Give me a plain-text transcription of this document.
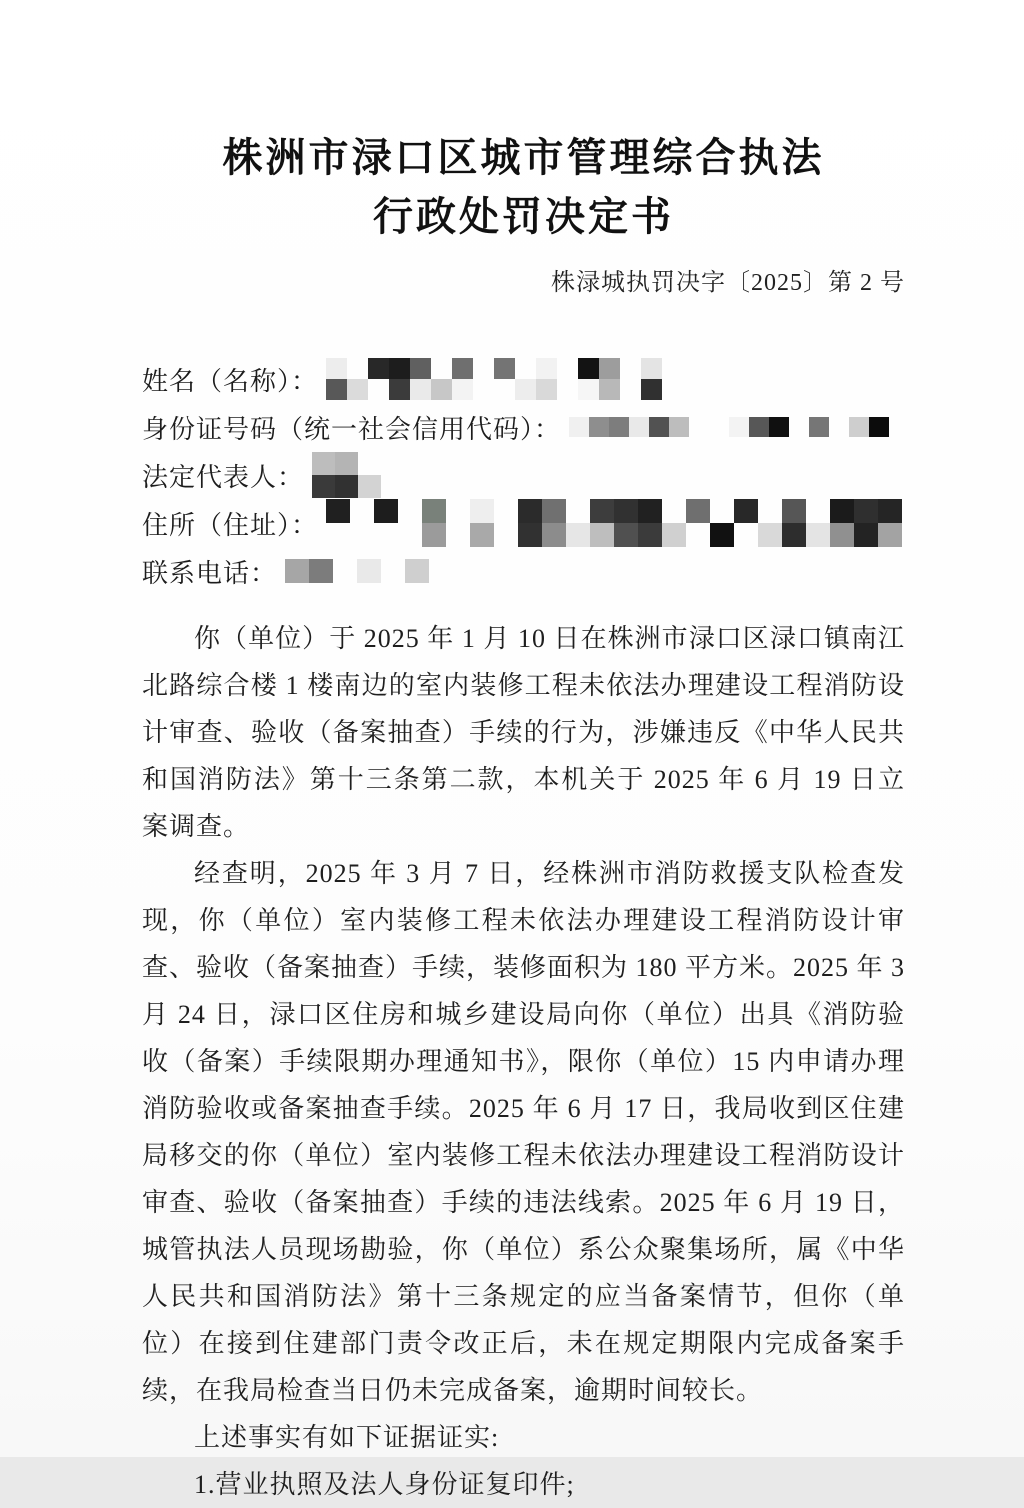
株洲市渌口区城市管理综合执法
行政处罚决定书
株渌城执罚决字〔2025〕第 2 号
姓名（名称）：
身份证号码（统一社会信用代码）：
法定代表人：
住所（住址）：
联系电话：

你（单位）于 2025 年 1 月 10 日在株洲市渌口区渌口镇南江北路综合楼 1 楼南边的室内装修工程未依法办理建设工程消防设计审查、验收（备案抽查）手续的行为，涉嫌违反《中华人民共和国消防法》第十三条第二款，本机关于 2025 年 6 月 19 日立案调查。

经查明，2025 年 3 月 7 日，经株洲市消防救援支队检查发现，你（单位）室内装修工程未依法办理建设工程消防设计审查、验收（备案抽查）手续，装修面积为 180 平方米。2025 年 3 月 24 日，渌口区住房和城乡建设局向你（单位）出具《消防验收（备案）手续限期办理通知书》，限你（单位）15 内申请办理消防验收或备案抽查手续。2025 年 6 月 17 日，我局收到区住建局移交的你（单位）室内装修工程未依法办理建设工程消防设计审查、验收（备案抽查）手续的违法线索。2025 年 6 月 19 日，城管执法人员现场勘验，你（单位）系公众聚集场所，属《中华人民共和国消防法》第十三条规定的应当备案情节，但你（单位）在接到住建部门责令改正后，未在规定期限内完成备案手续，在我局检查当日仍未完成备案，逾期时间较长。

上述事实有如下证据证实:

1.营业执照及法人身份证复印件;
